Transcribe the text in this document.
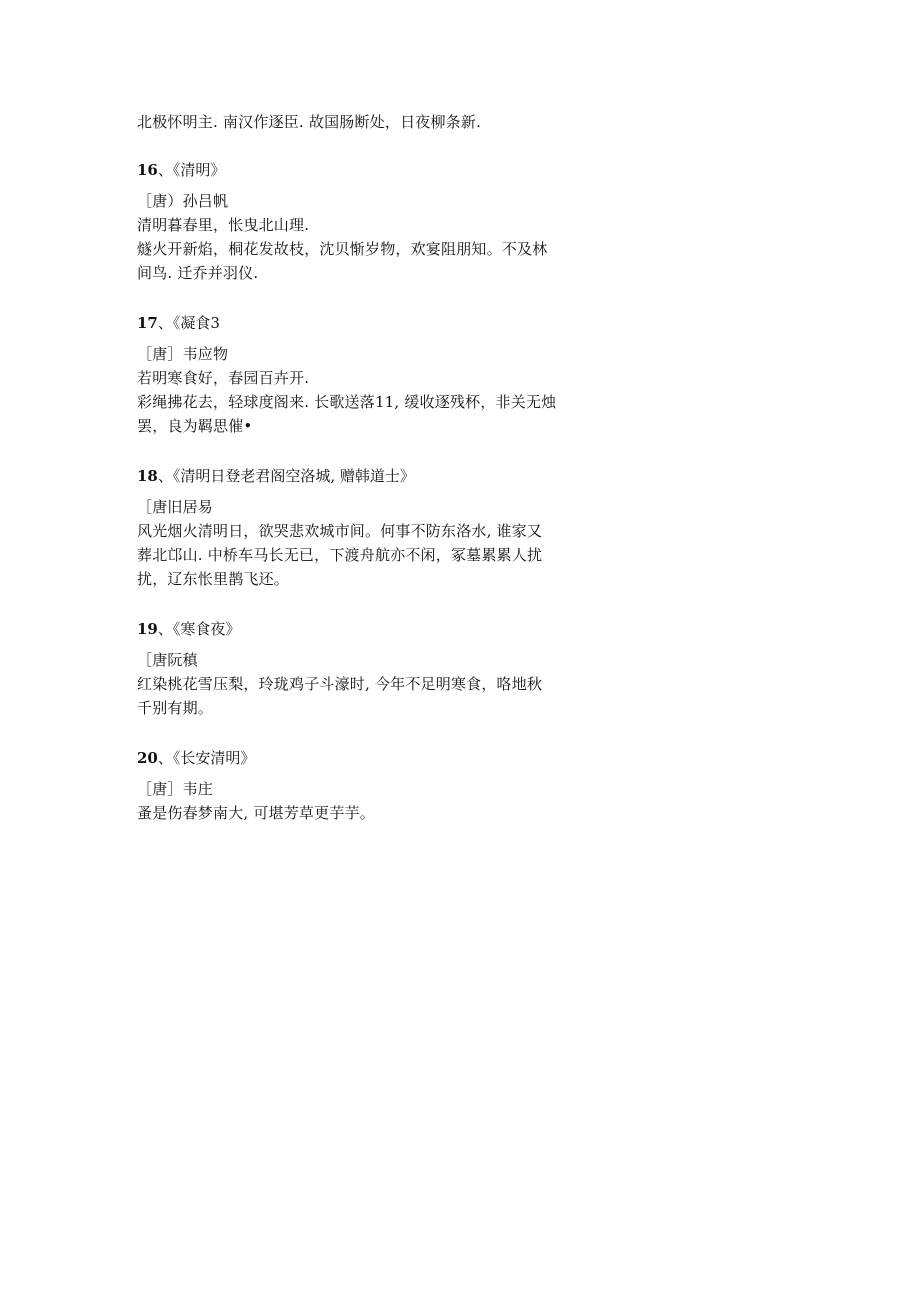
北极怀明主. 南汉作逐臣. 故国肠断处，日夜柳条新.
16、《清明》
［唐）孙吕帆
清明暮春里，怅曳北山理.
燧火开新焰，桐花发故枝，沈贝惭岁物，欢宴阻朋知。不及林
间鸟. 迁乔并羽仪.
17、《凝食3
［唐］韦应物
若明寒食好，春园百卉开.
彩绳拂花去，轻球度阁来. 长歌送落11, 缓收逐残杯，非关无烛
罢，良为羁思催•
18、《清明日登老君阁空洛城, 赠韩道士》
［唐旧居易
风光烟火清明日，欲哭悲欢城市间。何事不防东洛水, 谁家又
葬北邙山. 中桥车马长无已，下渡舟航亦不闲，冢墓累累人扰
扰，辽东怅里鹊飞还。
19、《寒食夜》
［唐阮稹
红染桃花雪压梨，玲珑鸡子斗濠时, 今年不足明寒食，咯地秋
千别有期。
20、《长安清明》
［唐］韦庄
蚤是伤春梦南大, 可堪芳草更芋芋。
